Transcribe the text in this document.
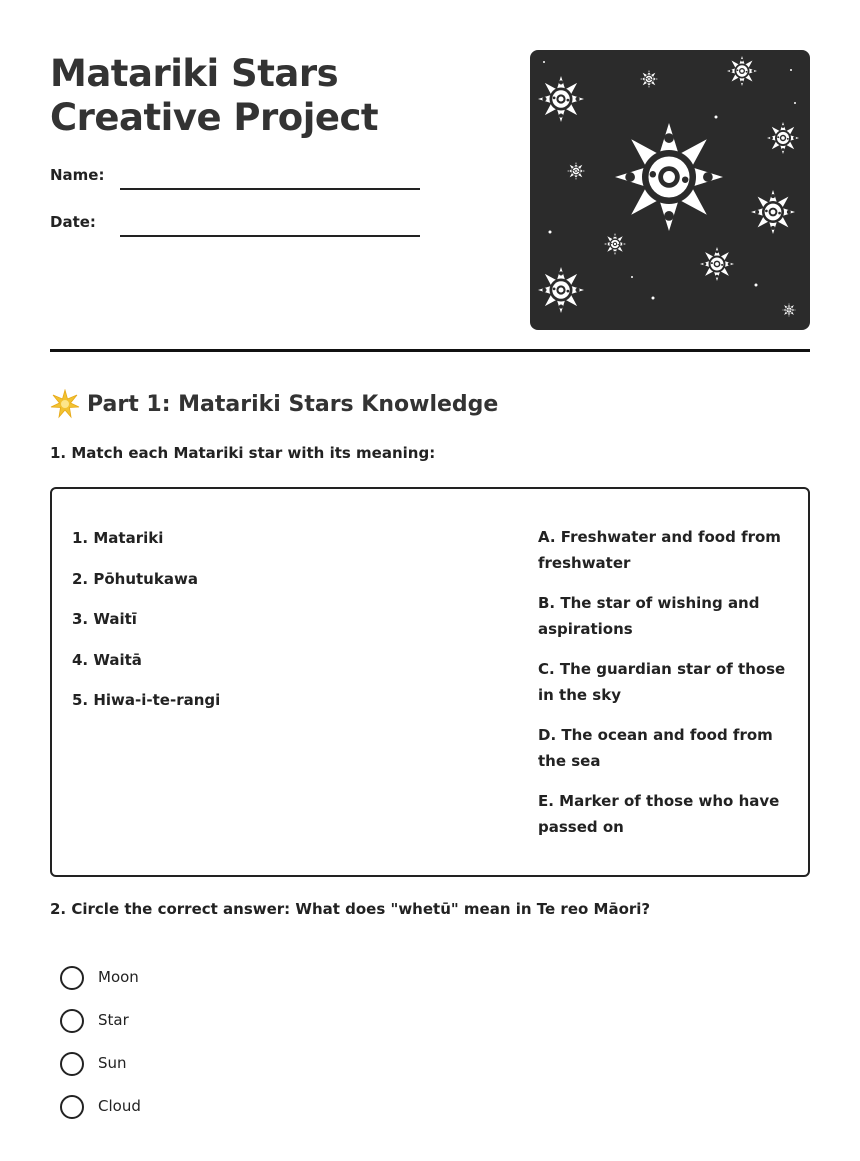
Matariki Stars Creative Project
Name:
Date:
Part 1: Matariki Stars Knowledge

1. Match each Matariki star with its meaning:

1. Matariki
2. Pōhutukawa
3. Waitī
4. Waitā
5. Hiwa-i-te-rangi
A. Freshwater and food from freshwater
B. The star of wishing and aspirations
C. The guardian star of those in the sky
D. The ocean and food from the sea
E. Marker of those who have passed on

2. Circle the correct answer: What does "whetū" mean in Te reo Māori?

Moon
Star
Sun
Cloud
